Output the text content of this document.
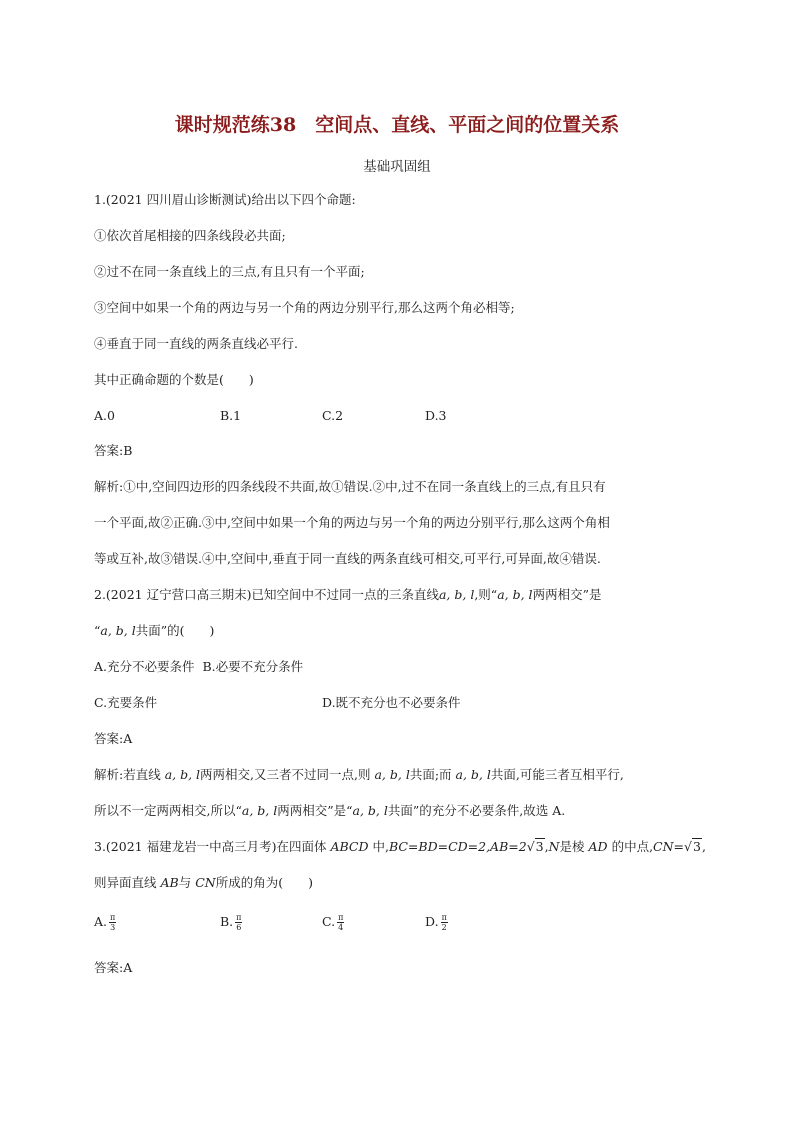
课时规范练38　空间点、直线、平面之间的位置关系
基础巩固组
1.(2021 四川眉山诊断测试)给出以下四个命题:
①依次首尾相接的四条线段必共面;
②过不在同一条直线上的三点,有且只有一个平面;
③空间中如果一个角的两边与另一个角的两边分别平行,那么这两个角必相等;
④垂直于同一直线的两条直线必平行.
其中正确命题的个数是(　　)
A.0	B.1	C.2	D.3
答案:B
解析:①中,空间四边形的四条线段不共面,故①错误.②中,过不在同一条直线上的三点,有且只有
一个平面,故②正确.③中,空间中如果一个角的两边与另一个角的两边分别平行,那么这两个角相
等或互补,故③错误.④中,空间中,垂直于同一直线的两条直线可相交,可平行,可异面,故④错误.
2.(2021 辽宁营口高三期末)已知空间中不过同一点的三条直线a, b, l,则“a, b, l两两相交”是
“a, b, l共面”的(　　)
A.充分不必要条件 B.必要不充分条件
C.充要条件	D.既不充分也不必要条件
答案:A
解析:若直线 a, b, l两两相交,又三者不过同一点,则 a, b, l共面;而 a, b, l共面,可能三者互相平行,
所以不一定两两相交,所以“a, b, l两两相交”是“a, b, l共面”的充分不必要条件,故选 A.
3.(2021 福建龙岩一中高三月考)在四面体 ABCD 中,BC=BD=CD=2,AB=2√3,N是棱 AD 的中点,CN=√3,
则异面直线 AB与 CN所成的角为(　　)
A. $\frac{\pi}{3}$	B. $\frac{\pi}{6}$	C. $\frac{\pi}{4}$	D. $\frac{\pi}{2}$
答案:A
